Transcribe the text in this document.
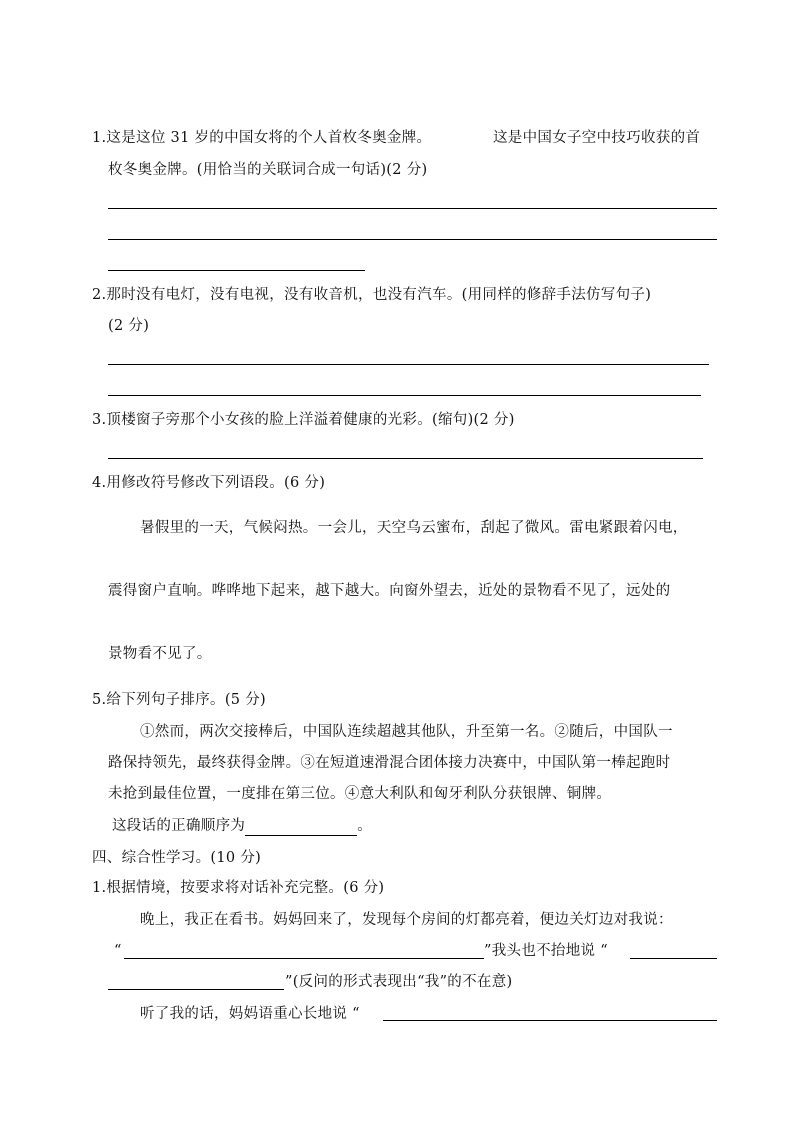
1.这是这位 31 岁的中国女将的个人首枚冬奥金牌。	这是中国女子空中技巧收获的首
枚冬奥金牌。(用恰当的关联词合成一句话)(2 分)
2.那时没有电灯，没有电视，没有收音机，也没有汽车。(用同样的修辞手法仿写句子)
(2 分)
3.顶楼窗子旁那个小女孩的脸上洋溢着健康的光彩。(缩句)(2 分)
4.用修改符号修改下列语段。(6 分)
暑假里的一天，气候闷热。一会儿，天空乌云蜜布，刮起了微风。雷电紧跟着闪电，
震得窗户直响。哗哗地下起来，越下越大。向窗外望去，近处的景物看不见了，远处的
景物看不见了。
5.给下列句子排序。(5 分)
①然而，两次交接棒后，中国队连续超越其他队，升至第一名。②随后，中国队一
路保持领先，最终获得金牌。③在短道速滑混合团体接力决赛中，中国队第一棒起跑时
未抢到最佳位置，一度排在第三位。④意大利队和匈牙利队分获银牌、铜牌。
这段话的正确顺序为	。
四、综合性学习。(10 分)
1.根据情境，按要求将对话补充完整。(6 分)
晚上，我正在看书。妈妈回来了，发现每个房间的灯都亮着，便边关灯边对我说：
“	”我头也不抬地说 “
”(反问的形式表现出“我”的不在意)
听了我的话，妈妈语重心长地说 “
